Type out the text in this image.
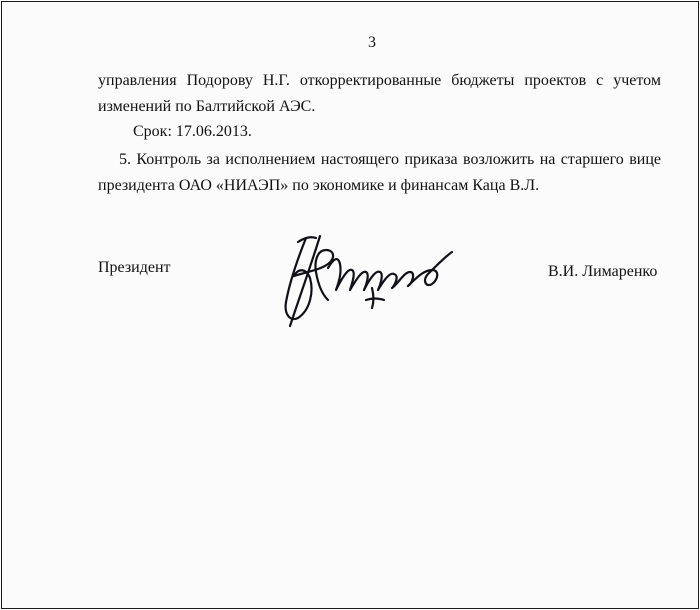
3

управления Подорову Н.Г. откорректированные бюджеты проектов с учетом изменений по Балтийской АЭС.

Срок: 17.06.2013.

5. Контроль за исполнением настоящего приказа возложить на старшего вице президента ОАО «НИАЭП» по экономике и финансам Каца В.Л.

Президент	В.И. Лимаренко
